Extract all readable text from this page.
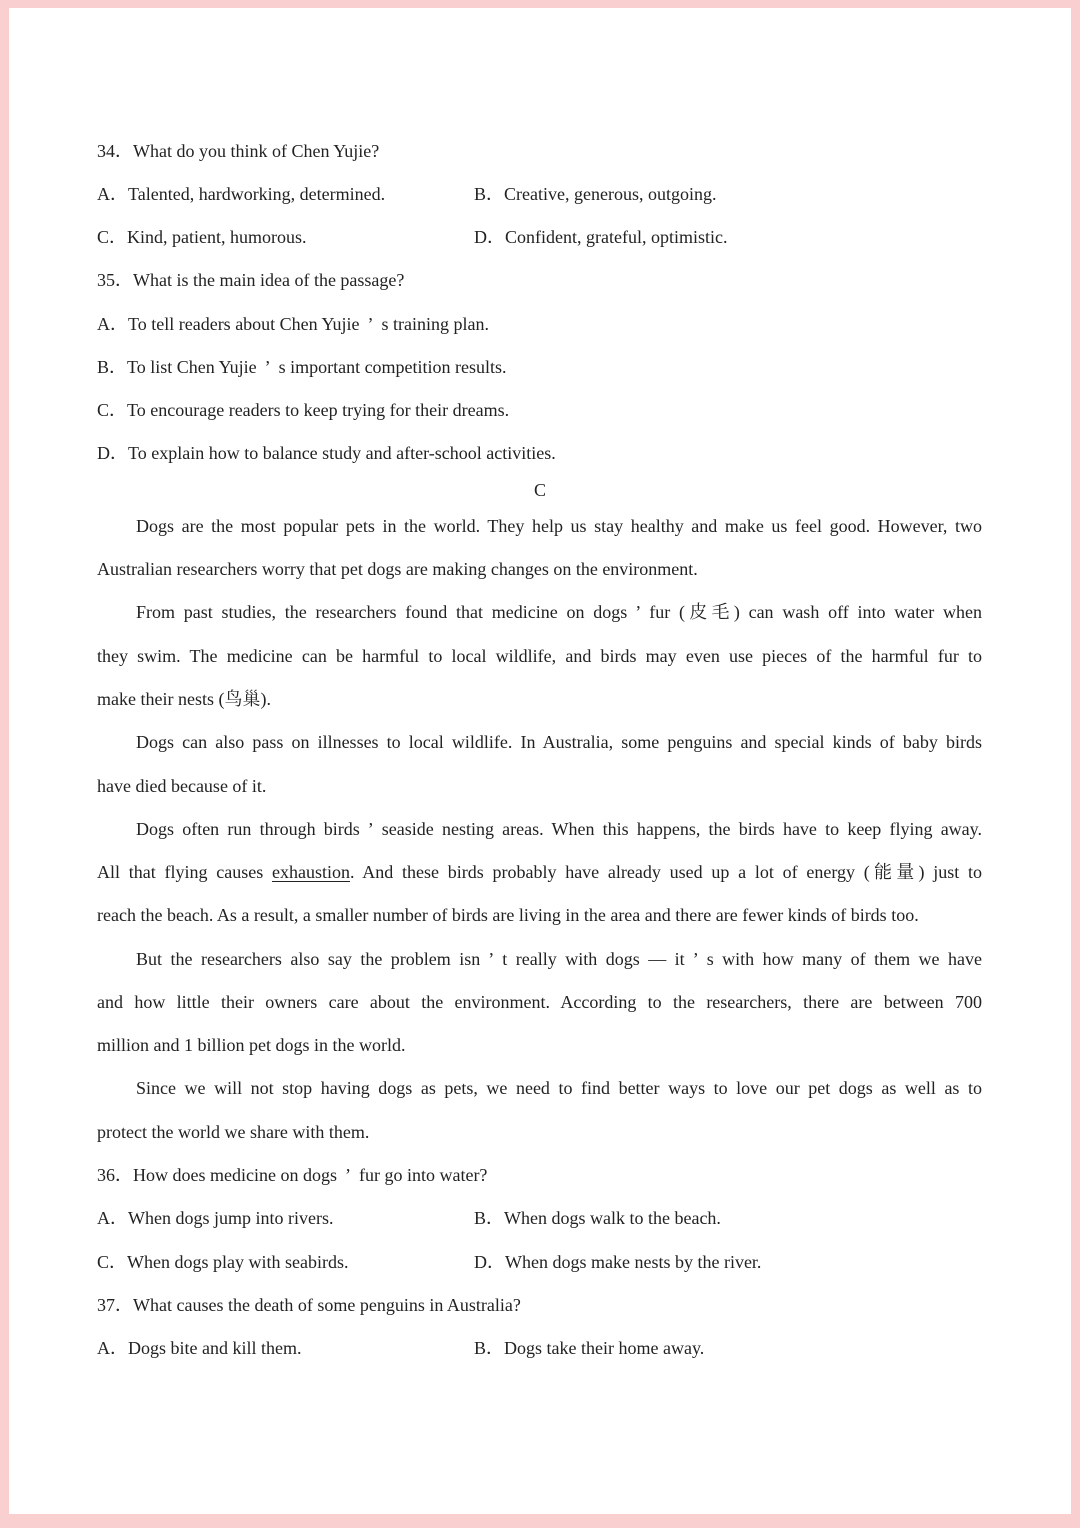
34．What do you think of Chen Yujie?
A．Talented, hardworking, determined.	B．Creative, generous, outgoing.
C．Kind, patient, humorous.	D．Confident, grateful, optimistic.
35．What is the main idea of the passage?
A．To tell readers about Chen Yujie ’ s training plan.
B．To list Chen Yujie ’ s important competition results.
C．To encourage readers to keep trying for their dreams.
D．To explain how to balance study and after-school activities.
C
Dogs are the most popular pets in the world. They help us stay healthy and make us feel good. However, two
Australian researchers worry that pet dogs are making changes on the environment.
From past studies, the researchers found that medicine on dogs ’ fur (皮毛) can wash off into water when
they swim. The medicine can be harmful to local wildlife, and birds may even use pieces of the harmful fur to
make their nests (鸟巢).
Dogs can also pass on illnesses to local wildlife. In Australia, some penguins and special kinds of baby birds
have died because of it.
Dogs often run through birds ’ seaside nesting areas. When this happens, the birds have to keep flying away.
All that flying causes exhaustion. And these birds probably have already used up a lot of energy (能量) just to
reach the beach. As a result, a smaller number of birds are living in the area and there are fewer kinds of birds too.
But the researchers also say the problem isn ’ t really with dogs — it ’ s with how many of them we have
and how little their owners care about the environment. According to the researchers, there are between 700
million and 1 billion pet dogs in the world.
Since we will not stop having dogs as pets, we need to find better ways to love our pet dogs as well as to
protect the world we share with them.
36．How does medicine on dogs ’ fur go into water?
A．When dogs jump into rivers.	B．When dogs walk to the beach.
C．When dogs play with seabirds.	D．When dogs make nests by the river.
37．What causes the death of some penguins in Australia?
A．Dogs bite and kill them.	B．Dogs take their home away.
